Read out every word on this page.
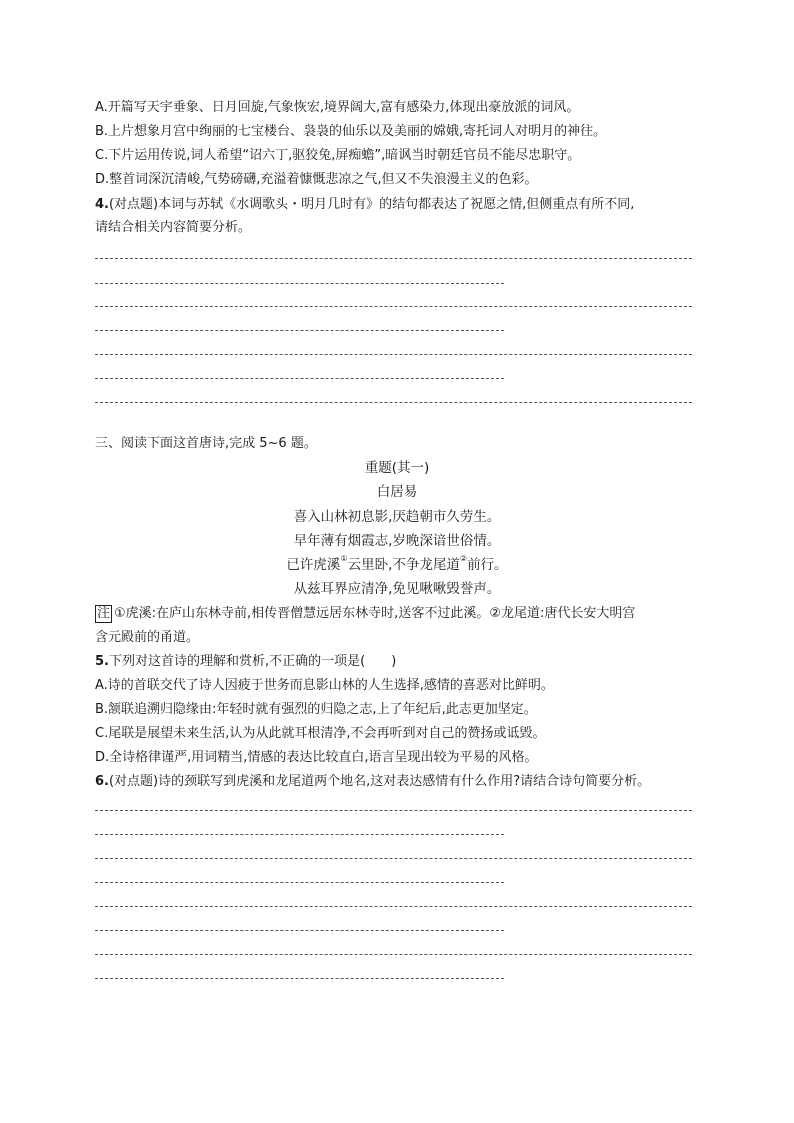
A.开篇写天宇垂象、日月回旋,气象恢宏,境界阔大,富有感染力,体现出豪放派的词风。
B.上片想象月宫中绚丽的七宝楼台、袅袅的仙乐以及美丽的嫦娥,寄托词人对明月的神往。
C.下片运用传说,词人希望“诏六丁,驱狡兔,屏痴蟾”,暗讽当时朝廷官员不能尽忠职守。
D.整首词深沉清峻,气势磅礴,充溢着慷慨悲凉之气,但又不失浪漫主义的色彩。
4.(对点题)本词与苏轼《水调歌头・明月几时有》的结句都表达了祝愿之情,但侧重点有所不同,
请结合相关内容简要分析。
三、阅读下面这首唐诗,完成 5~6 题。
重题(其一)
白居易
喜入山林初息影,厌趋朝市久劳生。
早年薄有烟霞志,岁晚深谙世俗情。
已许虎溪①云里卧,不争龙尾道②前行。
从兹耳界应清净,免见啾啾毁誉声。
注 ①虎溪:在庐山东林寺前,相传晋僧慧远居东林寺时,送客不过此溪。②龙尾道:唐代长安大明宫
含元殿前的甬道。
5.下列对这首诗的理解和赏析,不正确的一项是(　　)
A.诗的首联交代了诗人因疲于世务而息影山林的人生选择,感情的喜恶对比鲜明。
B.颔联追溯归隐缘由:年轻时就有强烈的归隐之志,上了年纪后,此志更加坚定。
C.尾联是展望未来生活,认为从此就耳根清净,不会再听到对自己的赞扬或诋毁。
D.全诗格律谨严,用词精当,情感的表达比较直白,语言呈现出较为平易的风格。
6.(对点题)诗的颈联写到虎溪和龙尾道两个地名,这对表达感情有什么作用?请结合诗句简要分析。
